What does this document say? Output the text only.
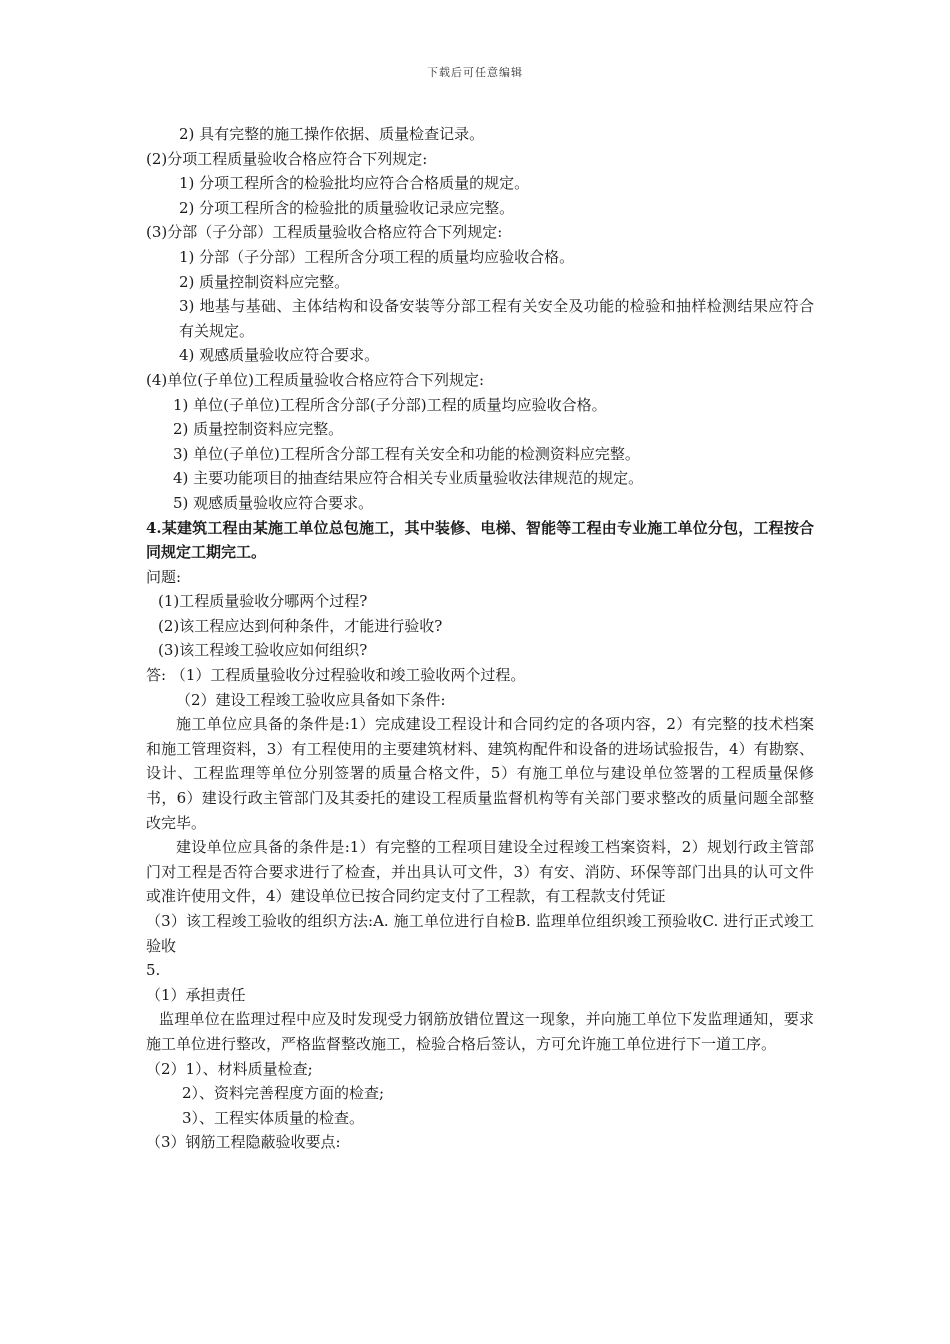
下载后可任意编辑
2) 具有完整的施工操作依据、质量检查记录。
(2)分项工程质量验收合格应符合下列规定:
1) 分项工程所含的检验批均应符合合格质量的规定。
2) 分项工程所含的检验批的质量验收记录应完整。
(3)分部（子分部）工程质量验收合格应符合下列规定:
1) 分部（子分部）工程所含分项工程的质量均应验收合格。
2) 质量控制资料应完整。
3) 地基与基础、主体结构和设备安装等分部工程有关安全及功能的检验和抽样检测结果应符合有关规定。
4) 观感质量验收应符合要求。
(4)单位(子单位)工程质量验收合格应符合下列规定:
1) 单位(子单位)工程所含分部(子分部)工程的质量均应验收合格。
2) 质量控制资料应完整。
3) 单位(子单位)工程所含分部工程有关安全和功能的检测资料应完整。
4) 主要功能项目的抽查结果应符合相关专业质量验收法律规范的规定。
5) 观感质量验收应符合要求。
4.某建筑工程由某施工单位总包施工，其中装修、电梯、智能等工程由专业施工单位分包，工程按合同规定工期完工。
问题:
(1)工程质量验收分哪两个过程?
(2)该工程应达到何种条件，才能进行验收?
(3)该工程竣工验收应如何组织?
答: （1）工程质量验收分过程验收和竣工验收两个过程。
（2）建设工程竣工验收应具备如下条件:
施工单位应具备的条件是:1）完成建设工程设计和合同约定的各项内容，2）有完整的技术档案和施工管理资料，3）有工程使用的主要建筑材料、建筑构配件和设备的进场试验报告，4）有勘察、设计、工程监理等单位分别签署的质量合格文件，5）有施工单位与建设单位签署的工程质量保修书，6）建设行政主管部门及其委托的建设工程质量监督机构等有关部门要求整改的质量问题全部整改完毕。
建设单位应具备的条件是:1）有完整的工程项目建设全过程竣工档案资料，2）规划行政主管部门对工程是否符合要求进行了检查，并出具认可文件，3）有安、消防、环保等部门出具的认可文件或准许使用文件，4）建设单位已按合同约定支付了工程款，有工程款支付凭证
（3）该工程竣工验收的组织方法:A. 施工单位进行自检B. 监理单位组织竣工预验收C. 进行正式竣工验收
5.
（1）承担责任
监理单位在监理过程中应及时发现受力钢筋放错位置这一现象，并向施工单位下发监理通知，要求施工单位进行整改，严格监督整改施工，检验合格后签认，方可允许施工单位进行下一道工序。
（2）1）、材料质量检查;
2）、资料完善程度方面的检查;
3）、工程实体质量的检查。
（3）钢筋工程隐蔽验收要点:
